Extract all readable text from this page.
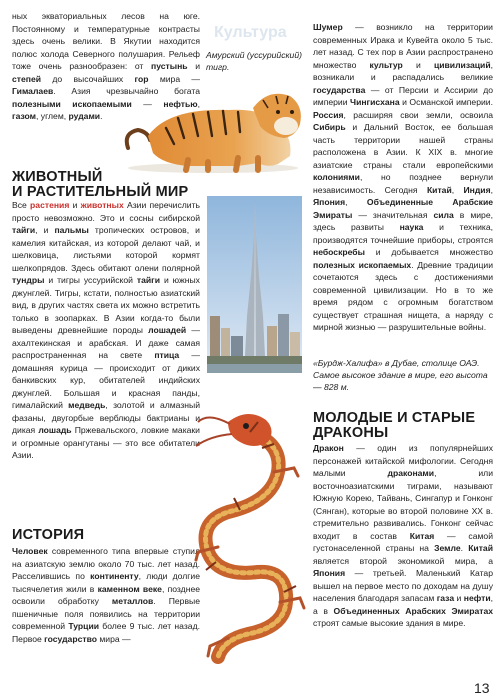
Культура

ных экваториальных лесов на юге. Постоянному и температурные контрасты здесь очень велики. В Якутии находится полюс холода Северного полушария. Рельеф тоже очень разнообразен: от пустынь и степей до высочайших гор мира — Гималаев. Азия чрезвычайно богата полезными ископаемыми — нефтью, газом, углем, рудами.

Амурский (уссурийский) тигр.
ЖИВОТНЫЙ
И РАСТИТЕЛЬНЫЙ МИР

Все растения и животных Азии перечислить просто невозможно. Это и сосны сибирской тайги, и пальмы тропических островов, и камелия китайская, из которой делают чай, и шелковица, листьями которой кормят шелкопрядов. Здесь обитают олени полярной тундры и тигры уссурийской тайги и южных джунглей. Тигры, кстати, полностью азиатский вид, в других частях света их можно встретить только в зоопарках. В Азии когда-то были выведены древнейшие породы лошадей — ахалтекинская и арабская. И даже самая распространенная на свете птица — домашняя курица — происходит от диких банкивских кур, обитателей индийских джунглей. Большая и красная панды, гималайский медведь, золотой и алмазный фазаны, двугорбые верблюды бактрианы и дикая лошадь Пржевальского, ловкие макаки и огромные орангутаны — это все обитатели Азии.

«Бурдж-Халифа» в Дубае, столице ОАЭ. Самое высокое здание в мире, его высота — 828 м.
ИСТОРИЯ

Человек современного типа впервые ступил на азиатскую землю около 70 тыс. лет назад. Расселившись по континенту, люди долгие тысячелетия жили в каменном веке, позднее освоили обработку металлов. Первые пшеничные поля появились на территории современной Турции более 9 тыс. лет назад. Первое государство мира —

Шумер — возникло на территории современных Ирака и Кувейта около 5 тыс. лет назад. С тех пор в Азии распространено множество культур и цивилизаций, возникали и распадались великие государства — от Персии и Ассирии до империи Чингисхана и Османской империи. Россия, расширяя свои земли, освоила Сибирь и Дальний Восток, ее большая часть территории нашей страны расположена в Азии. К XIX в. многие азиатские страны стали европейскими колониями, но позднее вернули независимость. Сегодня Китай, Индия, Япония, Объединенные Арабские Эмираты — значительная сила в мире, здесь развиты наука и техника, производятся точнейшие приборы, строятся небоскребы и добывается множество полезных ископаемых. Древние традиции сочетаются здесь с достижениями современной цивилизации. Но в то же время рядом с огромным богатством существует страшная нищета, а наряду с мирной жизнью — разрушительные войны.

МОЛОДЫЕ И СТАРЫЕ
ДРАКОНЫ

Дракон — один из популярнейших персонажей китайской мифологии. Сегодня малыми драконами, или восточноазиатскими тиграми, называют Южную Корею, Тайвань, Сингапур и Гонконг (Сянган), которые во второй половине XX в. стремительно развивались. Гонконг сейчас входит в состав Китая — самой густонаселенной страны на Земле. Китай является второй экономикой мира, а Япония — третьей. Маленький Катар вышел на первое место по доходам на душу населения благодаря запасам газа и нефти, а в Объединенных Арабских Эмиратах строят самые высокие здания в мире.

13
